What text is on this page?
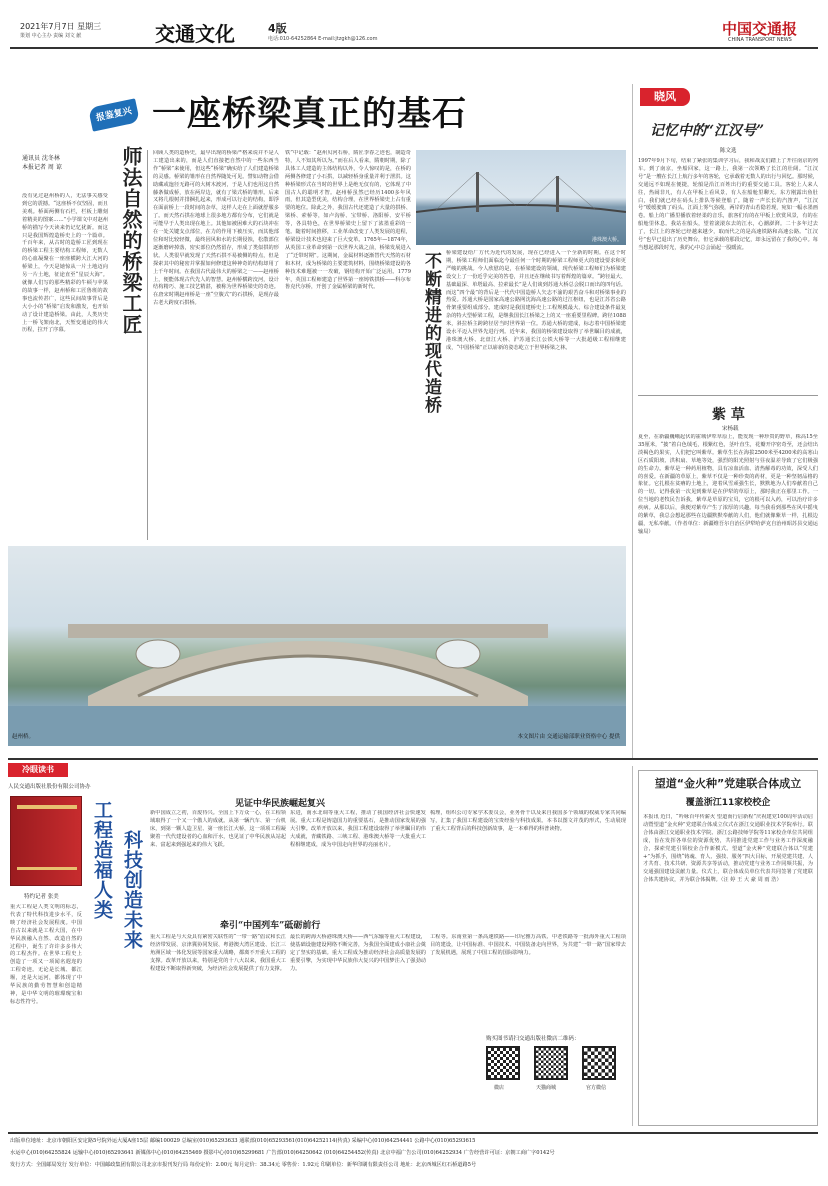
2021年7月7日 星期三
策划 中心主办 责编 刘文 献	交通文化	4版
电话:010-64252864 E-mail:jtzgkh@126.com
中国交通报
CHINA TRANSPORT NEWS
报鉴复兴 一座桥梁真正的基石
通讯员 沈冬林
本报记者 周 谅
没有见过赵州桥的人，无法事关感受到它的震撼。“这座桥不仅坚固，而且美观。桥面两侧有石栏，栏板上雕刻着精美的图案……”小学课文中对赵州桥的描写今天读来仍记忆犹新。而这只是我国辉煌造桥史上的一个篇章。千百年来，从古时的造桥工匠到现在的桥梁工程主要结构工程师，无数人的心血凝聚在一座座横跨大江大河的桥梁上，今天是她惊从一片土地迈向另一片土地，征途直至“星辰大海”。就像人们写的那些精彩的牛顿与苹果的故事一样，赵州桥和工匠鲁班的故事也流传甚广，这些民间故事背后是大小小的“桥梁”启发和激发，也开始动了设计建造桥梁。由此，人类历史上一桥飞架南北，天堑变通途的伟大历程，拉开了序幕。	师法自然的桥梁工匠	回顾人类的造桥史，最早出现的桥梁严格来说并不是人工建造出来的，而是人们直接把自然中的一些东西当作“桥梁”来使用，但这些“桥梁”确实给了人们建造桥梁的灵感。桥梁的雏形在自然界随处可见。譬如动物会借助藏或迤径无路可的大树木渡河，于是人们也用这自然藤条做成桥，放在两岸边，就有了梁式桥的雏形。后来又将几根树并排捆扎起来，形成可以行走的结构，即浮在面前桥上一段时间的杂草，这样人走在上面就舒服多了。而天然石拱在地球上很多地方都有分布，它们就是可能早于人类出现在地上。其他如被困难大的石块冲在在一处关键支点部位，在力的作用下被压实，而其他部位和时比较轻微，最终因风和水的长期侵蚀，松散部位逐渐磨碎掉落，密实部位仍然留存，形成了类似拱的形状。人类很早就发现了天然石拱不易被侧的特点，但是探索其中的秘密并掌握如何修建这种神奇的结构却用了上千年时间。在我国古代最伟大的桥梁之一——赵州桥上，便能体现古代先人的智慧。赵州桥横跨洨河，设计结构精巧、施工技艺精湛，被称为世界桥梁史的奇迹。在唐宋时期赵州桥是一座“空腹式”的石拱桥，是现存最古老大跨度石拱桥。
铁”中记载：“赵州贝河石桥，隋匠李春之迹也，制造奇特，人不知其所以为。”而在后人看来，隋朝时期，除了具体工人建造的主体结构以外，令人惊叹的是，在桥的两侧各修建了小石拱，以减轻桥身重量并利于泄洪。这种桥梁形式在当时的世界上是绝无仅有的，它体现了中国古人的聪明才智。赵州桥虽然已经历1400多年风雨，但其造型优美，结构合理，在世界桥梁史上占有重要的地位。除此之外，我国古代还建造了大量的拱桥、梁桥、索桥等，如卢沟桥、宝带桥、洛阳桥、安平桥等，各具特色，在世界桥梁史上留下了浓墨重彩的一笔。随着时间推移，工业革命改变了人类发展的进程，桥梁设计技术也迎来了巨大变革。1765年—1874年，从英国工业革命到第一次世界大战之前，桥梁发展进入了“迁带时期”。这期间，金属材料逐渐替代天然的石材和木材，成为桥梁的主要建筑材料，围绕桥梁建设的各种技术难题被一一攻破，钢结构开始广泛运用。1779年，英国工程师建造了世界第一座铸铁拱桥——科尔布鲁克代尔桥，开创了金属桥梁的新时代。
港珠澳大桥。
不断精进的现代造桥 桥梁建设给厂方代为近代的发展，现在已经进入一个全新的时期。在这个时期，桥梁工程师们面临迄今最任何一个时期的桥梁工程师更大的建设要求和更严峻的挑战。今人欣慰的是，在桥梁建设的领域，现代桥梁工程师们为桥梁建设交上了一份近乎完美的答卷，并且还在继续书写着辉煌的篇章。“跨径最大、基础最深、单塔最高、拉索最长”是人们谈到苏通大桥总会脱口而出的四句话。而这“四个最”的背后是一代代中国造桥人矢志不渝的艰苦奋斗和对桥梁事业的热爱。苏通大桥是国家高速公路网沈海高速公路的过江枢纽，也是江苏省公路骨架重要组成部分。建成时是我国建桥史上工程规模最大、综合建设条件最复杂的特大型桥梁工程，是继我国长江桥梁之上的又一座重要里程碑。跨径1088米，斜拉桥主跨跨径居当时世界第一位。苏通大桥的建成，标志着中国桥梁建设水平迈入世界先进行列。近年来，我国的桥梁建设取得了举世瞩目的成就，港珠澳大桥、北盘江大桥、沪苏通长江公铁大桥等一大批超级工程相继建成，“中国桥梁”正以崭新的姿态屹立于世界桥梁之林。
赵州桥。	本文图片由 交通运输部职业资格中心 提供
晓风
记忆中的“江汉号”
陈文选
1997年9月下旬，结束了紧张的集训学习后，我和战友们踏上了开往南京的列车。到了南京，坐船回家，这一路上，我第一次领略了长江的壮阔。“江汉号”是一艘在长江上航行多年的客轮，它承载着无数人的出行与回忆。那时候，交通远不如现在便捷，轮船是沿江百姓出行的重要交通工具。客轮上人来人往，热闹非凡，有人在甲板上看风景，有人在船舱里聊天。东方刚露出鱼肚白，我们就已经在码头上排队等候登船了。随着一声长长的汽笛声，“江汉号”缓缓驶离了码头。江面上雾气弥漫，两岸的青山若隐若现，宛如一幅水墨画卷。船上的广播里播放着轻柔的音乐，旅客们有的在甲板上欣赏风景，有的在船舱里休息。我站在船头，望着滚滚东去的江水，心潮澎湃。二十多年过去了，长江上的客轮已经越来越少，取而代之的是高速铁路和高速公路。“江汉号”也早已退出了历史舞台，但它承载的那段记忆，却永远留在了我的心中。每当想起那段时光，我的心中总会涌起一股暖流。
紫 草
宋杨载
夏至，在新疆巍峨起伏的霍城伊犁草原上，能发现一种珍贵的野草，株高15至35厘米，“披”着白色绒毛，根紫红色，茎叶直生，花瓣开序密奇至，还会结出淡褐色的果实，人们把它叫紫草。紫草生长在海拔2500米至4200米的高寒山区石质阳坡、洪积扇、草地等处，强烈的阳光照射与昼夜温差导致了它们极强的生命力。紫草是一种药用植物，具有凉血活血、清热解毒的功效，深受人们的喜爱。在新疆的草原上，紫草不仅是一种珍贵的药材，更是一种坚韧品格的象征。它扎根在贫瘠的土地上，迎着风雪顽强生长，默默地为人们奉献着自己的一切。记得我第一次见到紫草是在伊犁的草原上，那时我正在那里工作。一位当地的老牧民告诉我，紫草是草原的宝贝，它的根可以入药，可以治疗许多疾病。从那以后，我便对紫草产生了浓厚的兴趣。每当我看到那些在风中摇曳的紫草，我总会想起那些在边疆默默奉献的人们，他们就像紫草一样，扎根边疆，无私奉献。（作者单位：新疆维吾尔自治区伊犁哈萨克自治州昭苏县交通运输局）
冷眼读书
人民交通出版社股份有限公司协办
特约记者 张美
重大工程是人类文明的标志，代表了特代科技进步水平，反映了经济社会发展程度。中国自古以来就是工程大国，在中华民族融入自然、改造自然的过程中，诞生了许许多多伟大的工程杰作。在世界工程史上创造了一项又一项闻名遐迩的工程奇迹。无论是长城、都江堰，还是大运河，都体现了中华民族的勤劳智慧和创造精神，是中华文明的璀璨瑰宝和标志性符号。
工程造福人类 科技创造未来
见证中华民族崛起复兴
新中国成立之初，百废待兴。全国上下万众一心，在工程领域取得了一个又一个傲人的成就。从第一辆汽车、第一台机床，到第一颗人造卫星、第一座长江大桥，这一项项工程凝聚着一代代建设者的心血和汗水，也见证了中华民族从站起来、富起来到强起来的伟大飞跃。
东进，南水北调等重大工程，推动了我国经济社会快速发展。重大工程是铸造国力的重要基石，是推动国家发展的强大引擎。改革开放以来，我国工程建设取得了举世瞩目的伟大成就，青藏铁路、三峡工程、港珠澳大桥等一大批重大工程相继建成，成为中国走向世界的亮丽名片。
梳理，组织公司专家学术委员会，业务骨干以及来自我国多个领域的权威专家共同编写，汇集了我国工程建设的宝贵经验与科技成果。本书以图文并茂的形式，生动展现了重大工程背后的科技创新故事，是一本难得的科普读物。
牵引“中国列车”砥砺前行
重大工程是与大众具有紧密关联性的“一带一路”倡议和长江经济带发展、京津冀协同发展、粤港澳大湾区建设、长江三角洲区域一体化发展等国家重大战略，都离不开重大工程的支撑。改革开放以来，特别是党的十八大以来，我国重大工程建设不断取得新突破，为经济社会发展提供了有力支撑。
最长的跨海大桥港珠澳大桥——西气东输等重大工程建设，使基础设施建设网络不断完善，为我国全面建成小康社会奠定了坚实的基础。重大工程成为推动经济社会高质量发展的重要引擎，为实现中华民族伟大复兴的中国梦注入了强劲动力。
工程等。东南亚第一条高速铁路——印尼雅万高铁、中老铁路等一批海外重大工程项目的建设，让中国标准、中国技术、中国装备走向世界，为共建“一带一路”国家带去了发展机遇，展现了中国工程的国际影响力。
购买图书请扫交通出版社微店二维码：
微店	天猫商城	官方微信
望道“金火种”党建联合体成立
覆盖浙江11家校校企
本报讯 近日，“吟咏百年传薪火 望道而行启新程”庆祝建党100周年活动启动暨望道“金火种”党建联合体成立仪式在浙江交通职业技术学院举行。联合体由浙江交通职业技术学院、浙江公路技师学院等11家校企单位共同组成，旨在发挥各单位的资源优势，共同推进党建工作与业务工作深度融合，探索党建引领校企合作新模式。望道“金火种”党建联合体以“党建+”为抓手，围绕“铸魂、育人、强技、服务”四大目标，开展党建共建、人才共育、技术共研、资源共享等活动，推动党建与业务工作同频共振，为交通强国建设贡献力量。仪式上，联合体成员单位代表共同签署了党建联合体共建协议，并为联合体揭牌。（汪 婷 王 大 豪 周 雨 浩）
出版单位地址：北京市朝阳区安定路5号院外运大厦A座15层 邮编100029 总编室(010)65293633 通联部(010)65293561(010)64252114(传真) 采编中心(010)64254441 公路中心(010)65293615
水运中心(010)64255824 运输中心(010)65293641 新媒体中心(010)64255469 摄影中心(010)65299681 广告部(010)64250642 (010)64254452(传真) 北京中福广告公司(010)64252934 广告经营许可证：京朝工商广字0142号
发行方式：全国邮局发行 发行单位：中国邮政集团有限公司北京市报刊发行局 每份定价：2.00元 每月定价：38.34元 零售价：1.92元 印刷单位：新华印刷有限责任公司 地址：北京西城区红石桥道路5号
